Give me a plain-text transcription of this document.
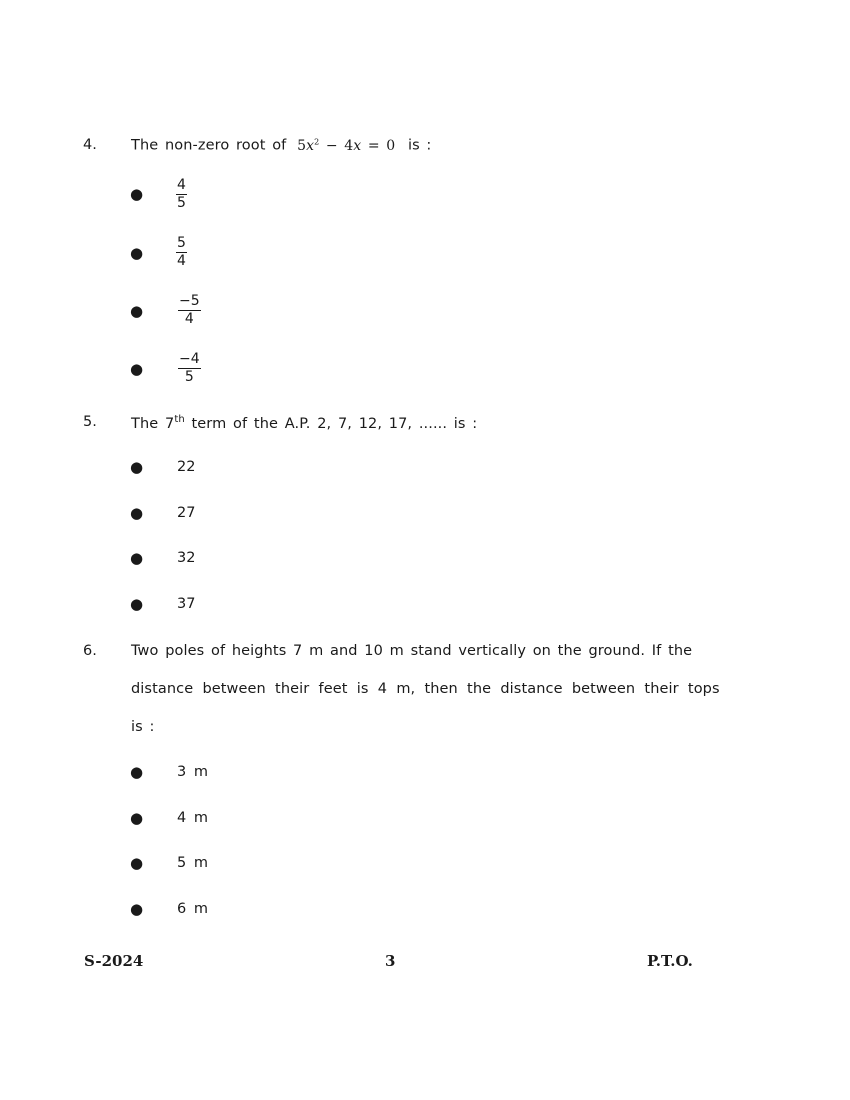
4. The non-zero root of $5x^2 - 4x = 0$ is :
● $\frac{4}{5}$
● $\frac{5}{4}$
● $\frac{-5}{4}$
● $\frac{-4}{5}$
5. The 7th term of the A.P. 2, 7, 12, 17, ...... is :
● 22
● 27
● 32
● 37
6. Two poles of heights 7 m and 10 m stand vertically on the ground. If the
distance between their feet is 4 m, then the distance between their tops
is :
● 3 m
● 4 m
● 5 m
● 6 m
S-2024	3	P.T.O.
